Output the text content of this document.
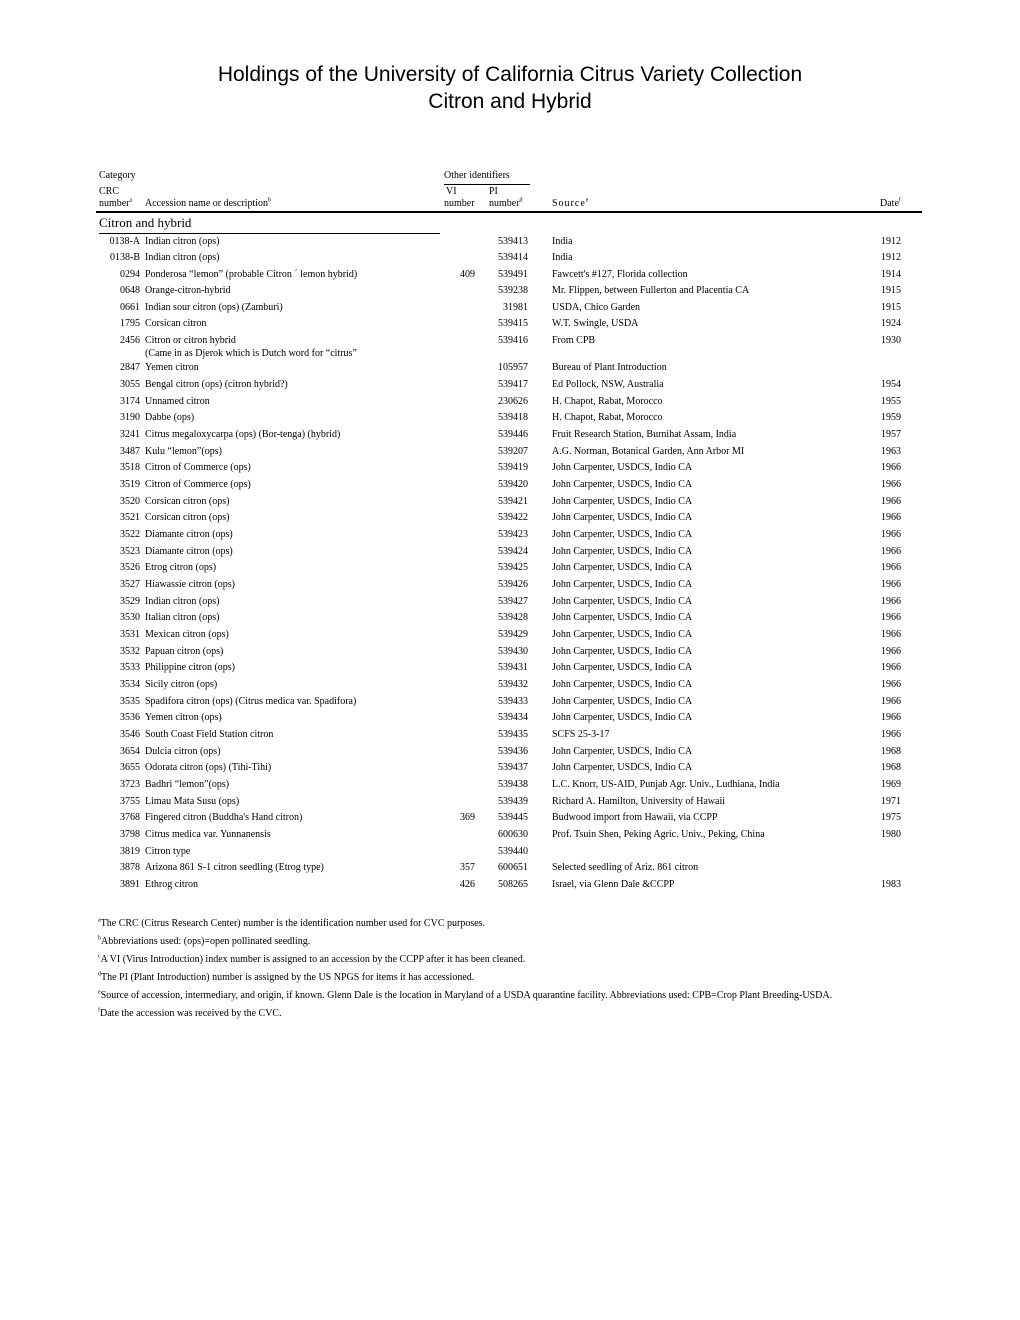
Holdings of the University of California Citrus Variety Collection
Citron and Hybrid
Category	Other identifiers
CRC
number$^a$ Accession name or description$^b$
VI
number
PI
number$^d$	Source$^e$	Date$^f$
Citron and hybrid
0138-A Indian citron (ops)	539413 India	1912
0138-B Indian citron (ops)	539414 India	1912
0294 Ponderosa “lemon” (probable Citron ´ lemon hybrid)	409	539491 Fawcett's #127, Florida collection	1914
0648 Orange-citron-hybrid	539238 Mr. Flippen, between Fullerton and Placentia CA	1915
0661 Indian sour citron (ops) (Zamburi)	31981 USDA, Chico Garden	1915
1795 Corsican citron	539415 W.T. Swingle, USDA	1924
2456 Citron or citron hybrid	539416 From CPB	1930
(Came in as Djerok which is Dutch word for “citrus”
2847 Yemen citron	105957 Bureau of Plant Introduction
3055 Bengal citron (ops) (citron hybrid?)	539417 Ed Pollock, NSW, Australia	1954
3174 Unnamed citron	230626 H. Chapot, Rabat, Morocco	1955
3190 Dabbe (ops)	539418 H. Chapot, Rabat, Morocco	1959
3241 Citrus megaloxycarpa (ops) (Bor-tenga) (hybrid)	539446 Fruit Research Station, Burnihat Assam, India	1957
3487 Kulu “lemon”(ops)	539207 A.G. Norman, Botanical Garden, Ann Arbor MI	1963
3518 Citron of Commerce (ops)	539419 John Carpenter, USDCS, Indio CA	1966
3519 Citron of Commerce (ops)	539420 John Carpenter, USDCS, Indio CA	1966
3520 Corsican citron (ops)	539421 John Carpenter, USDCS, Indio CA	1966
3521 Corsican citron (ops)	539422 John Carpenter, USDCS, Indio CA	1966
3522 Diamante citron (ops)	539423 John Carpenter, USDCS, Indio CA	1966
3523 Diamante citron (ops)	539424 John Carpenter, USDCS, Indio CA	1966
3526 Etrog citron (ops)	539425 John Carpenter, USDCS, Indio CA	1966
3527 Hiawassie citron (ops)	539426 John Carpenter, USDCS, Indio CA	1966
3529 Indian citron (ops)	539427 John Carpenter, USDCS, Indio CA	1966
3530 Italian citron (ops)	539428 John Carpenter, USDCS, Indio CA	1966
3531 Mexican citron (ops)	539429 John Carpenter, USDCS, Indio CA	1966
3532 Papuan citron (ops)	539430 John Carpenter, USDCS, Indio CA	1966
3533 Philippine citron (ops)	539431 John Carpenter, USDCS, Indio CA	1966
3534 Sicily citron (ops)	539432 John Carpenter, USDCS, Indio CA	1966
3535 Spadifora citron (ops) (Citrus medica var. Spadifora)	539433 John Carpenter, USDCS, Indio CA	1966
3536 Yemen citron (ops)	539434 John Carpenter, USDCS, Indio CA	1966
3546 South Coast Field Station citron	539435 SCFS 25-3-17	1966
3654 Dulcia citron (ops)	539436 John Carpenter, USDCS, Indio CA	1968
3655 Odorata citron (ops) (Tihi-Tihi)	539437 John Carpenter, USDCS, Indio CA	1968
3723 Badhri “lemon”(ops)	539438 L.C. Knorr, US-AID, Punjab Agr. Univ., Ludhiana, India	1969
3755 Limau Mata Susu (ops)	539439 Richard A. Hamilton, University of Hawaii	1971
3768 Fingered citron (Buddha's Hand citron)	369	539445 Budwood import from Hawaii, via CCPP	1975
3798 Citrus medica var. Yunnanensis	600630 Prof. Tsuin Shen, Peking Agric. Univ., Peking, China	1980
3819 Citron type	539440
3878 Arizona 861 S-1 citron seedling (Etrog type)	357	600651 Selected seedling of Ariz. 861 citron
3891 Ethrog citron	426	508265 Israel, via Glenn Dale &CCPP	1983
$^a$The CRC (Citrus Research Center) number is the identification number used for CVC purposes.
$^b$Abbreviations used: (ops)=open pollinated seedling.
$^c$A VI (Virus Introduction) index number is assigned to an accession by the CCPP after it has been cleaned.
$^d$The PI (Plant Introduction) number is assigned by the US NPGS for items it has accessioned.
$^e$Source of accession, intermediary, and origin, if known. Glenn Dale is the location in Maryland of a USDA quarantine facility. Abbreviations used: CPB=Crop Plant Breeding-USDA.
$^f$Date the accession was received by the CVC.
